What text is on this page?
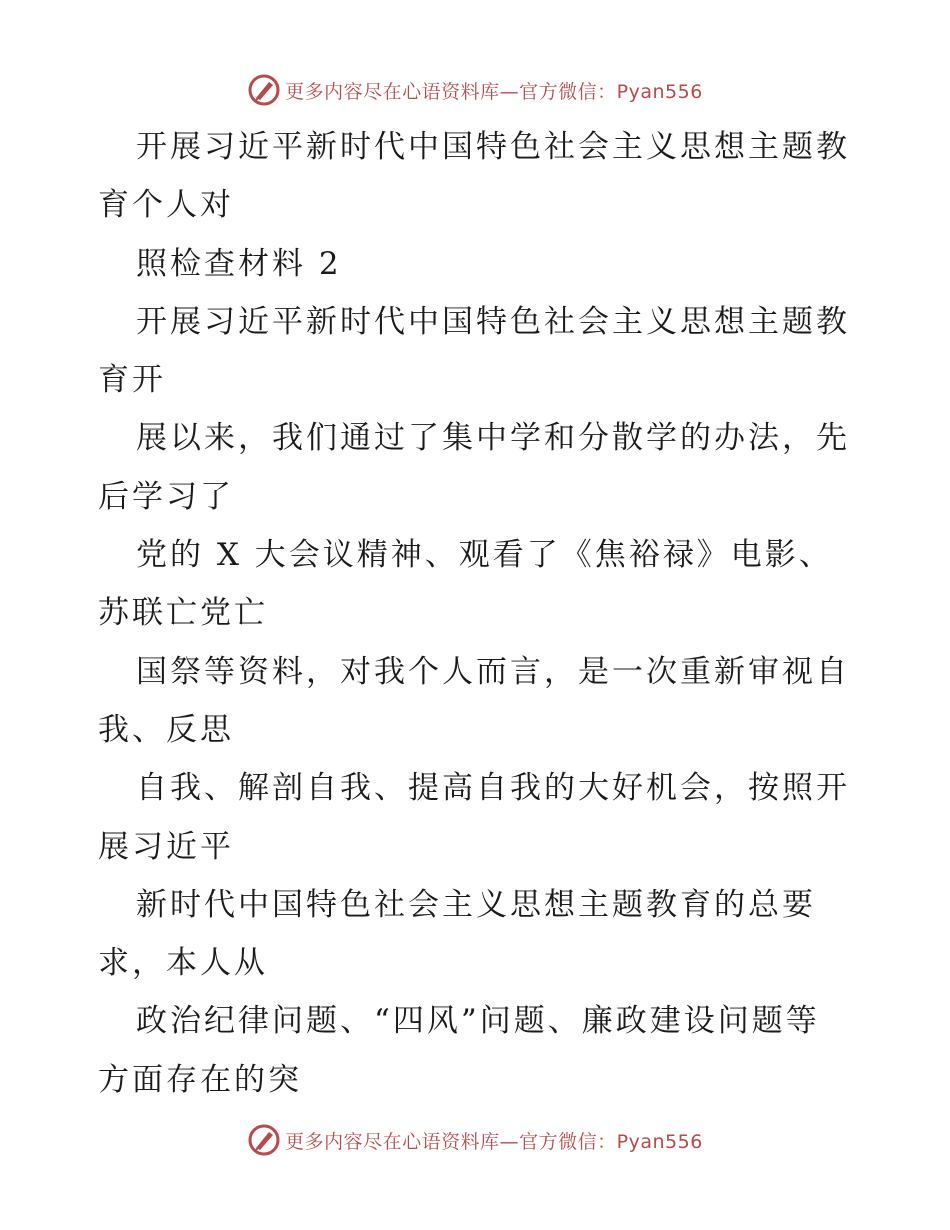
更多内容尽在心语资料库—官方微信：Pyan556
开展习近平新时代中国特色社会主义思想主题教
育个人对
照检查材料 2
开展习近平新时代中国特色社会主义思想主题教
育开
展以来，我们通过了集中学和分散学的办法，先
后学习了
党的 X 大会议精神、观看了《焦裕禄》电影、
苏联亡党亡
国祭等资料，对我个人而言，是一次重新审视自
我、反思
自我、解剖自我、提高自我的大好机会，按照开
展习近平
新时代中国特色社会主义思想主题教育的总要
求，本人从
政治纪律问题、“四风”问题、廉政建设问题等
方面存在的突
更多内容尽在心语资料库—官方微信：Pyan556
